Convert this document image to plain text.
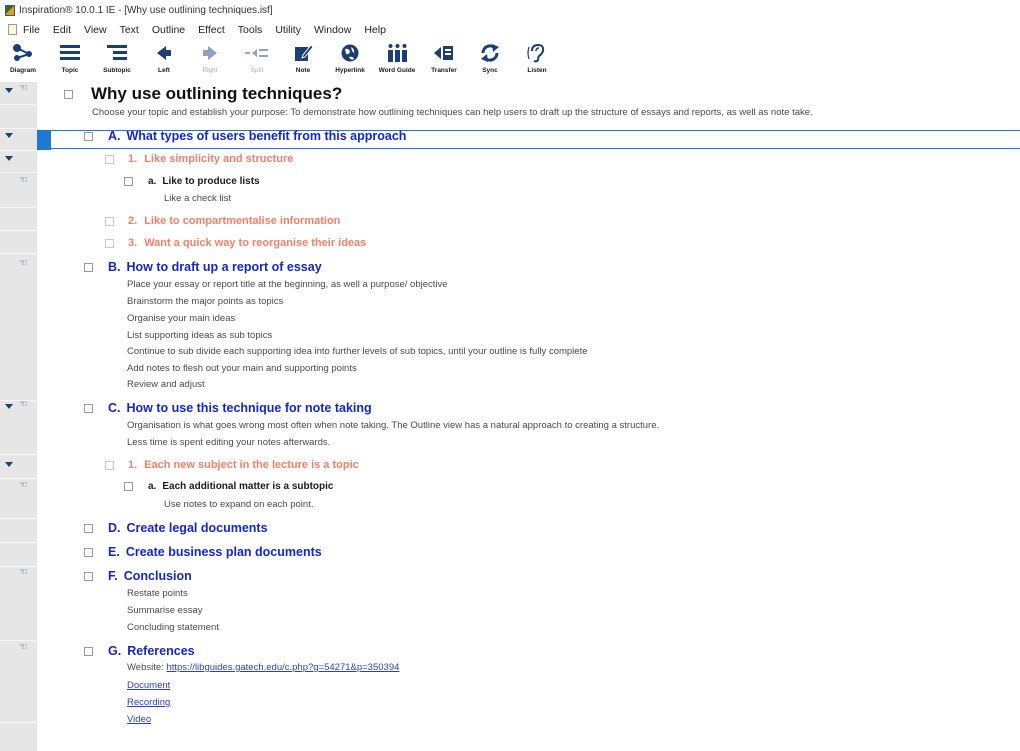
Inspiration® 10.0.1 IE - [Why use outlining techniques.isf]
File Edit View Text Outline Effect Tools Utility Window Help
Diagram	Topic	Subtopic	Left	Right	Split	Note	Hyperlink	Word Guide	Transfer	Sync	Listen
☜
☜
☜
☜
☜
☜
☜
Why use outlining techniques?
Choose your topic and establish your purpose: To demonstrate how outlining techniques can help users to draft up the structure of essays and reports, as well as note take.
A. What types of users benefit from this approach
1. Like simplicity and structure
a. Like to produce lists
Like a check list
2. Like to compartmentalise information
3. Want a quick way to reorganise their ideas
B. How to draft up a report of essay
Place your essay or report title at the beginning, as well a purpose/ objective
Brainstorm the major points as topics
Organise your main ideas
List supporting ideas as sub topics
Continue to sub divide each supporting idea into further levels of sub topics, until your outline is fully complete
Add notes to flesh out your main and supporting points
Review and adjust
C. How to use this technique for note taking
Organisation is what goes wrong most often when note taking. The Outline view has a natural approach to creating a structure.
Less time is spent editing your notes afterwards.
1. Each new subject in the lecture is a topic
a. Each additional matter is a subtopic
Use notes to expand on each point.
D. Create legal documents
E. Create business plan documents
F. Conclusion
Restate points
Summarise essay
Concluding statement
G. References
Website: https://libguides.gatech.edu/c.php?g=54271&p=350394
Document
Recording
Video
